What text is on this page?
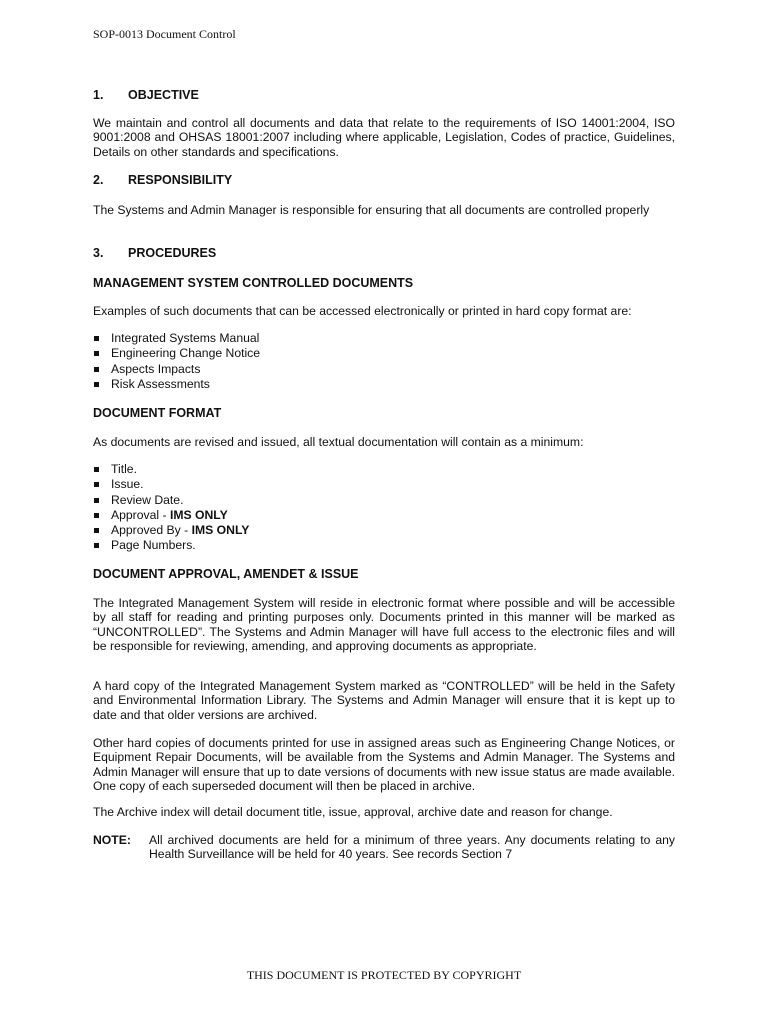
SOP-0013 Document Control
1. OBJECTIVE

We maintain and control all documents and data that relate to the requirements of ISO 14001:2004, ISO 9001:2008 and OHSAS 18001:2007 including where applicable, Legislation, Codes of practice, Guidelines, Details on other standards and specifications.

2. RESPONSIBILITY

The Systems and Admin Manager is responsible for ensuring that all documents are controlled properly

3. PROCEDURES
MANAGEMENT SYSTEM CONTROLLED DOCUMENTS

Examples of such documents that can be accessed electronically or printed in hard copy format are:

Integrated Systems Manual
Engineering Change Notice
Aspects Impacts
Risk Assessments
DOCUMENT FORMAT

As documents are revised and issued, all textual documentation will contain as a minimum:

Title.
Issue.
Review Date.
Approval - IMS ONLY
Approved By - IMS ONLY
Page Numbers.
DOCUMENT APPROVAL, AMENDET & ISSUE

The Integrated Management System will reside in electronic format where possible and will be accessible by all staff for reading and printing purposes only. Documents printed in this manner will be marked as “UNCONTROLLED”. The Systems and Admin Manager will have full access to the electronic files and will be responsible for reviewing, amending, and approving documents as appropriate.

A hard copy of the Integrated Management System marked as “CONTROLLED” will be held in the Safety and Environmental Information Library. The Systems and Admin Manager will ensure that it is kept up to date and that older versions are archived.

Other hard copies of documents printed for use in assigned areas such as Engineering Change Notices, or Equipment Repair Documents, will be available from the Systems and Admin Manager. The Systems and Admin Manager will ensure that up to date versions of documents with new issue status are made available. One copy of each superseded document will then be placed in archive.

The Archive index will detail document title, issue, approval, archive date and reason for change.

NOTE: All archived documents are held for a minimum of three years. Any documents relating to any Health Surveillance will be held for 40 years. See records Section 7
THIS DOCUMENT IS PROTECTED BY COPYRIGHT
